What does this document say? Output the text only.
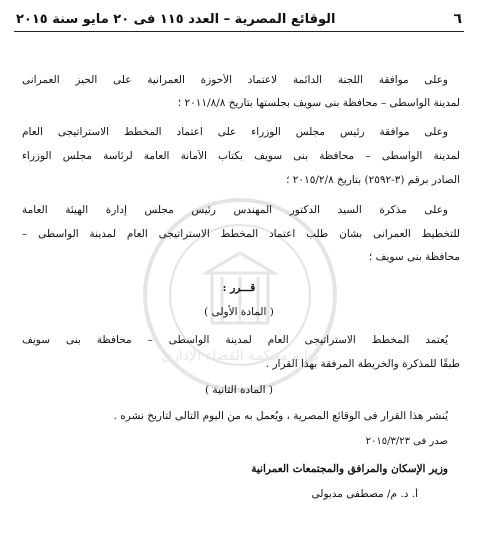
بوابة محكمة القضاء الإدارى
٦
الوقائع المصرية – العدد ١١٥ فى ٢٠ مايو سنة ٢٠١٥
وعلى موافقة اللجنة الدائمة لاعتماد الأحوزة العمرانية على الحيز العمرانى
لمدينة الواسطى – محافظة بنى سويف بجلستها بتاريخ ٢٠١١/٨/٨ ؛
وعلى موافقة رئيس مجلس الوزراء على اعتماد المخطط الاستراتيجى العام
لمدينة الواسطى – محافظة بنى سويف بكتاب الأمانة العامة لرئاسة مجلس الوزراء
الصادر برقم (٣-٢٥٩٢) بتاريخ ٢٠١٥/٢/٨ ؛
وعلى مذكرة السيد الدكتور المهندس رئيس مجلس إدارة الهيئة العامة
للتخطيط العمرانى بشأن طلب اعتماد المخطط الاستراتيجى العام لمدينة الواسطى –
محافظة بنى سويف ؛
قـــرر :
( المادة الأولى )
يُعتمد المخطط الاستراتيجى العام لمدينة الواسطى – محافظة بنى سويف
طبقًا للمذكرة والخريطة المرفقة بهذا القرار .
( المادة الثانية )
يُنشر هذا القرار فى الوقائع المصرية ، ويُعمل به من اليوم التالى لتاريخ نشره .
صدر فى ٢٠١٥/٣/٢٣
وزير الإسكان والمرافق والمجتمعات العمرانية
أ. د. م/ مصطفى مدبولى
